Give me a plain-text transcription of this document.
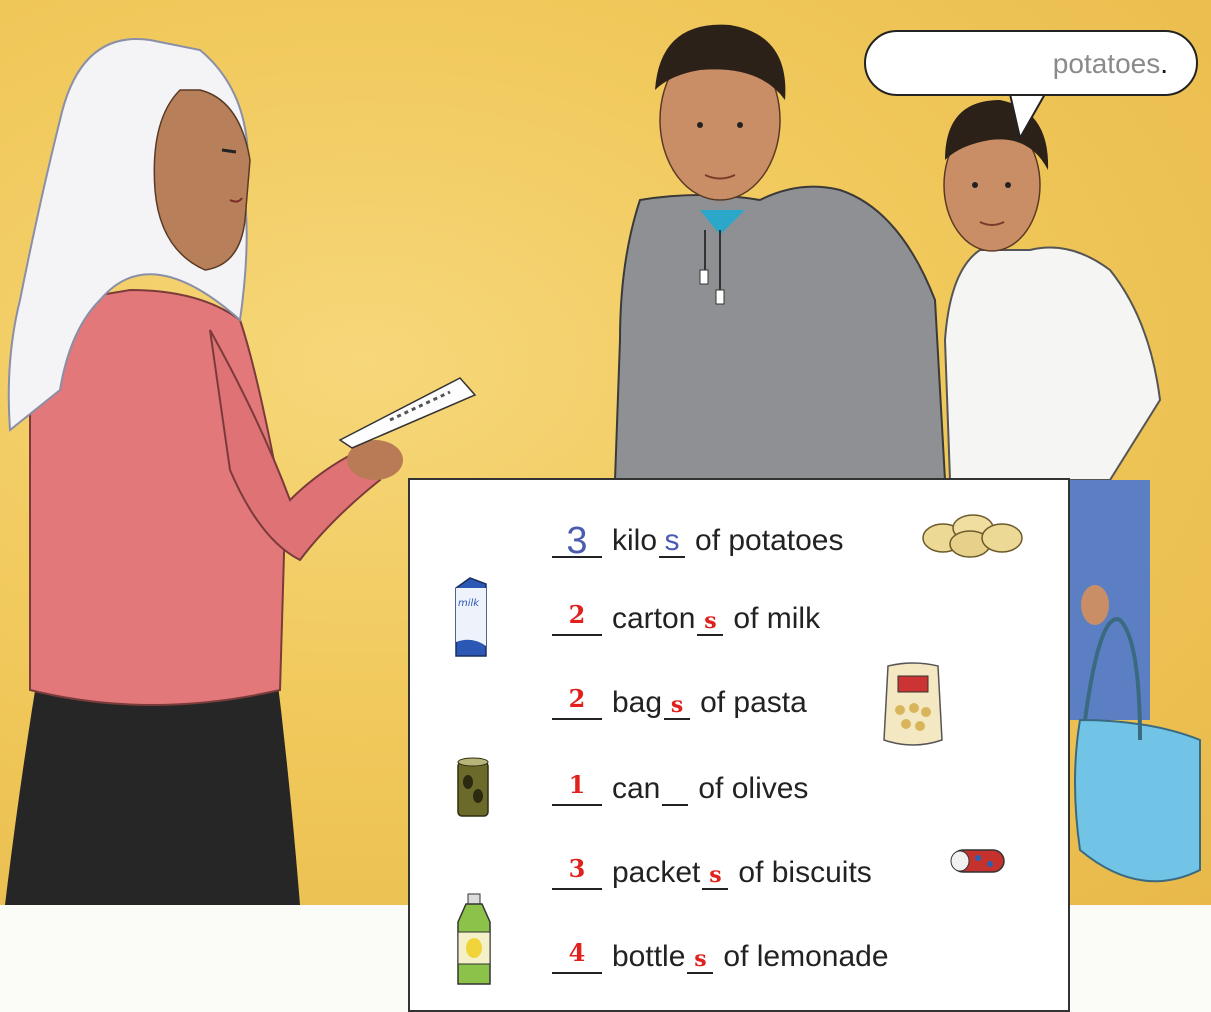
potatoes.
3 kilo s of potatoes
2 carton s of milk
2 bag s of pasta
1 can of olives
3 packet s of biscuits
4 bottle s of lemonade
milk
